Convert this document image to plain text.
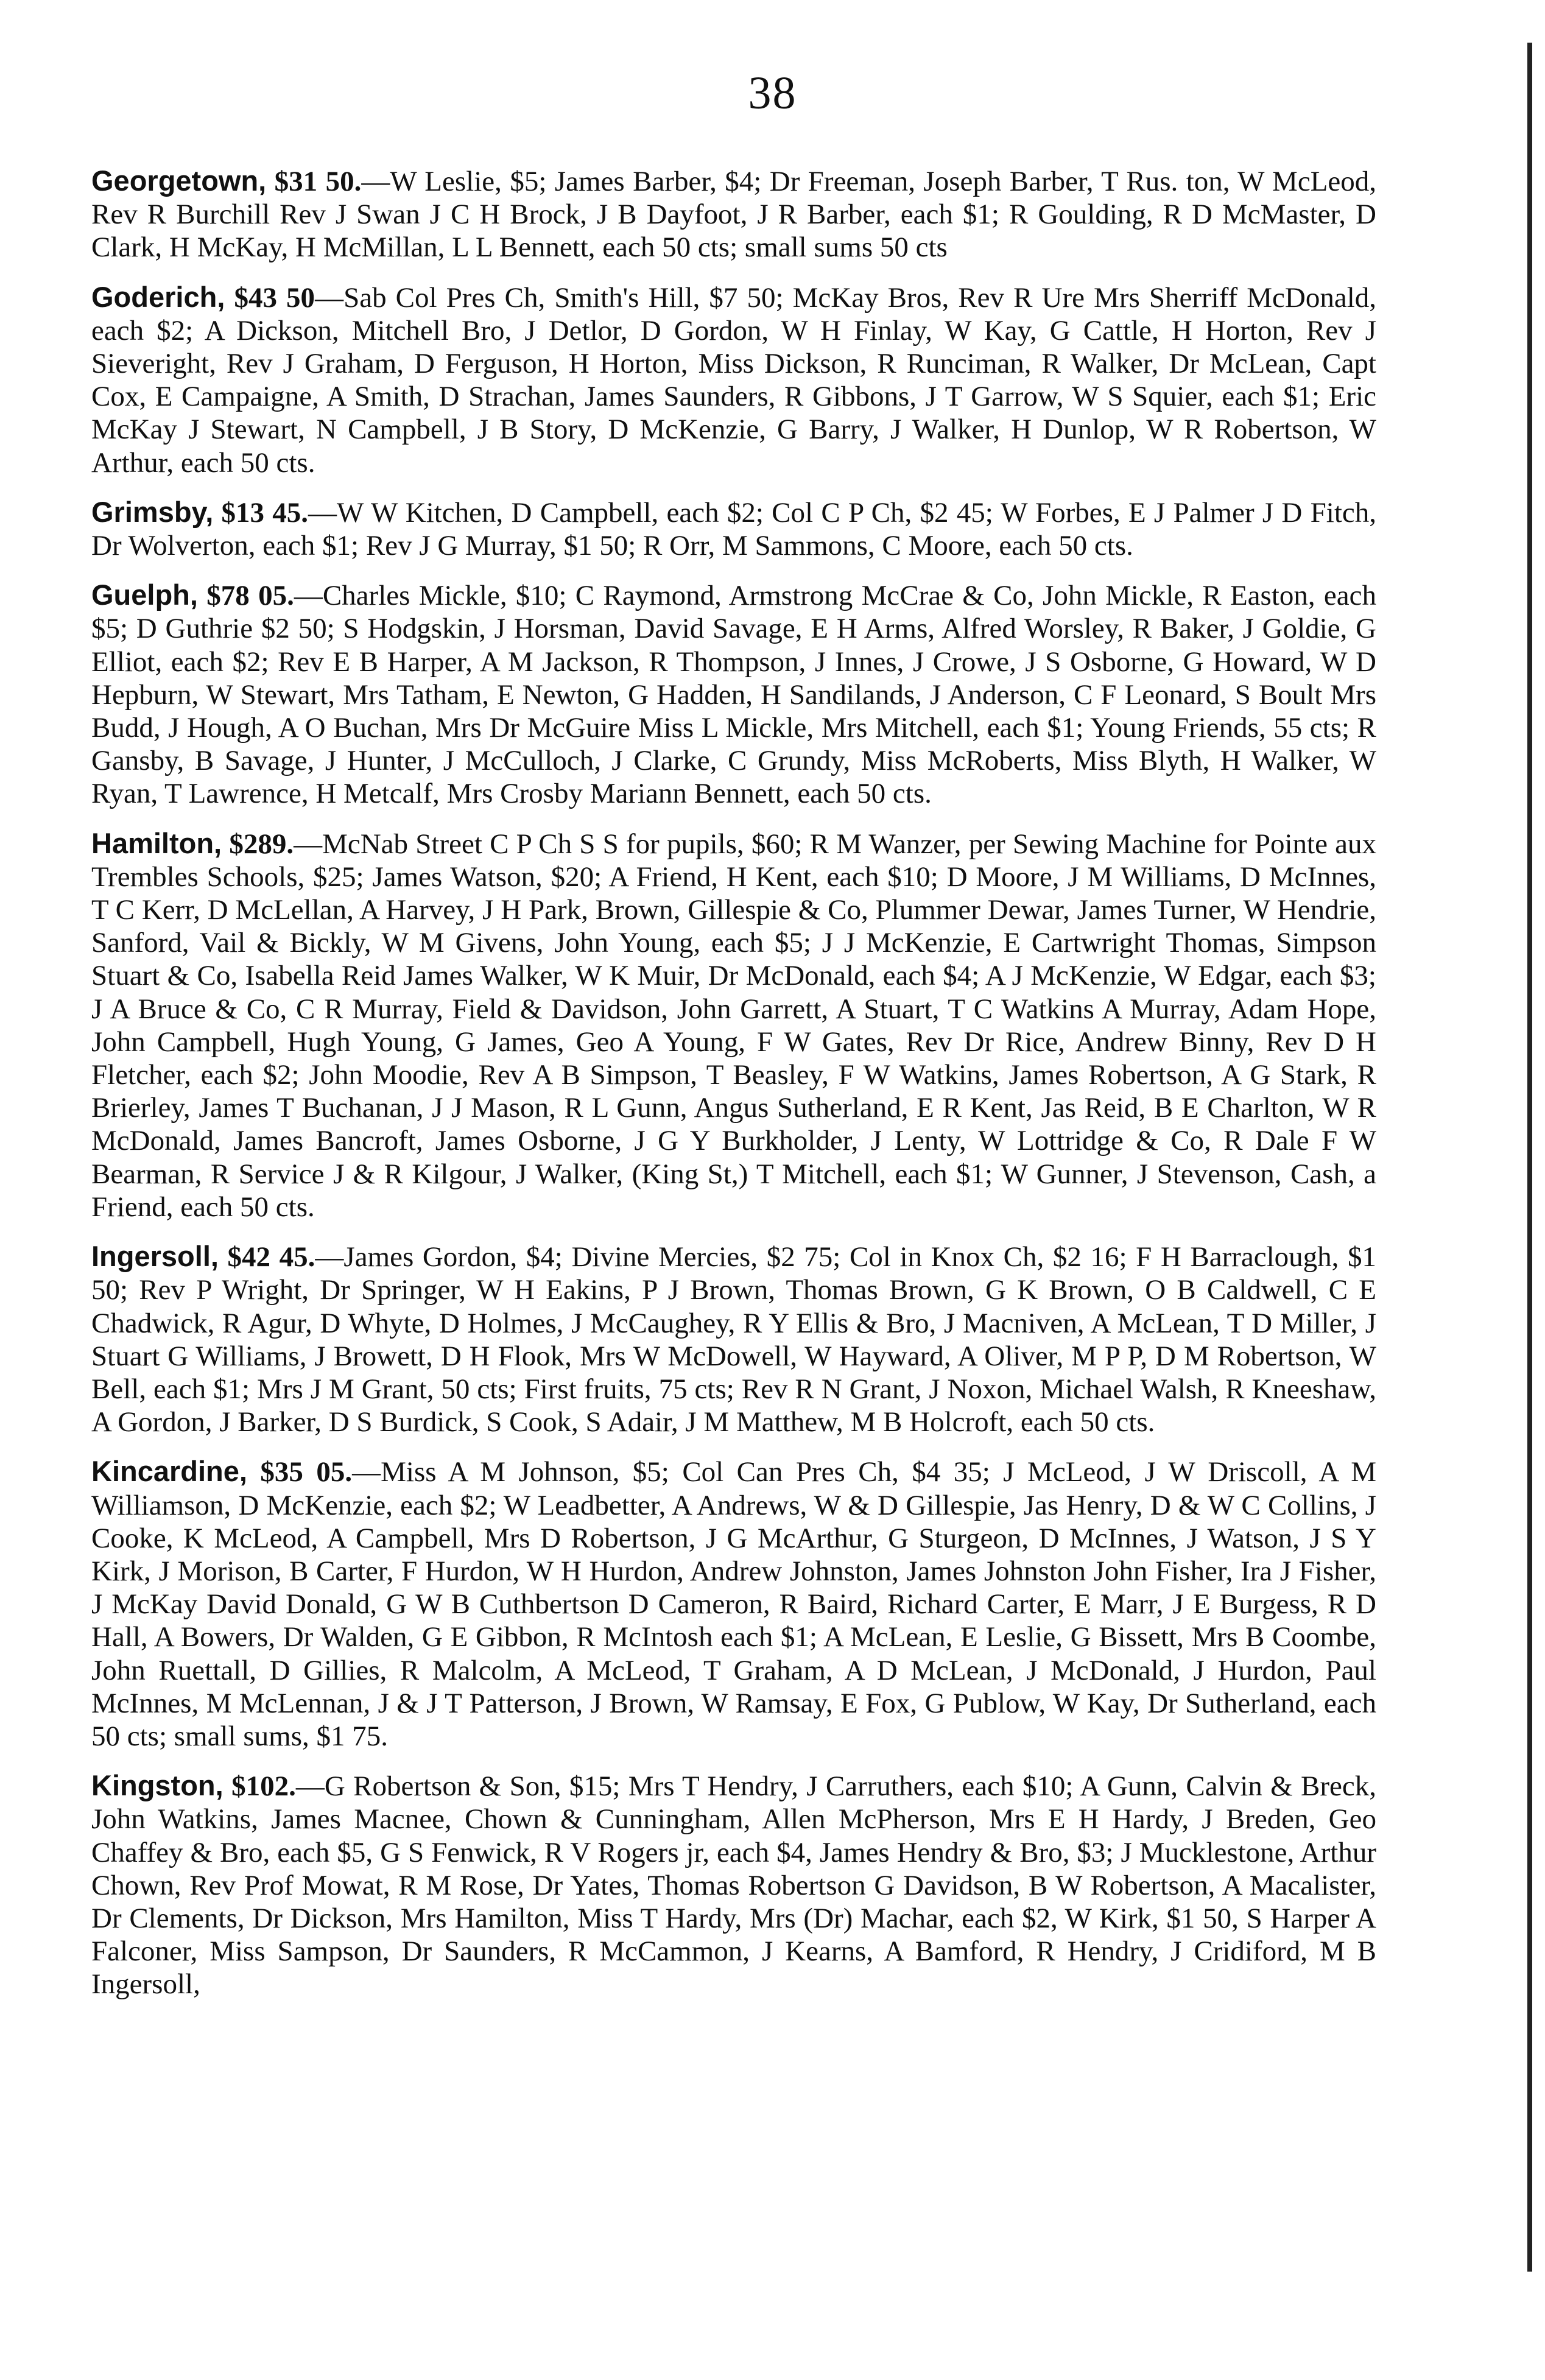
38

Georgetown, $31 50.—W Leslie, $5; James Barber, $4; Dr Freeman, Joseph Barber, T Rus. ton, W McLeod, Rev R Burchill Rev J Swan J C H Brock, J B Dayfoot, J R Barber, each $1; R Goulding, R D McMaster, D Clark, H McKay, H McMillan, L L Bennett, each 50 cts; small sums 50 cts

Goderich, $43 50—Sab Col Pres Ch, Smith's Hill, $7 50; McKay Bros, Rev R Ure Mrs Sherriff McDonald, each $2; A Dickson, Mitchell Bro, J Detlor, D Gordon, W H Finlay, W Kay, G Cattle, H Horton, Rev J Sieveright, Rev J Graham, D Ferguson, H Horton, Miss Dickson, R Runciman, R Walker, Dr McLean, Capt Cox, E Campaigne, A Smith, D Strachan, James Saunders, R Gibbons, J T Garrow, W S Squier, each $1; Eric McKay J Stewart, N Campbell, J B Story, D McKenzie, G Barry, J Walker, H Dunlop, W R Robertson, W Arthur, each 50 cts.

Grimsby, $13 45.—W W Kitchen, D Campbell, each $2; Col C P Ch, $2 45; W Forbes, E J Palmer J D Fitch, Dr Wolverton, each $1; Rev J G Murray, $1 50; R Orr, M Sammons, C Moore, each 50 cts.

Guelph, $78 05.—Charles Mickle, $10; C Raymond, Armstrong McCrae & Co, John Mickle, R Easton, each $5; D Guthrie $2 50; S Hodgskin, J Horsman, David Savage, E H Arms, Alfred Worsley, R Baker, J Goldie, G Elliot, each $2; Rev E B Harper, A M Jackson, R Thompson, J Innes, J Crowe, J S Osborne, G Howard, W D Hepburn, W Stewart, Mrs Tatham, E Newton, G Hadden, H Sandilands, J Anderson, C F Leonard, S Boult Mrs Budd, J Hough, A O Buchan, Mrs Dr McGuire Miss L Mickle, Mrs Mitchell, each $1; Young Friends, 55 cts; R Gansby, B Savage, J Hunter, J McCulloch, J Clarke, C Grundy, Miss McRoberts, Miss Blyth, H Walker, W Ryan, T Lawrence, H Metcalf, Mrs Crosby Mariann Bennett, each 50 cts.

Hamilton, $289.—McNab Street C P Ch S S for pupils, $60; R M Wanzer, per Sewing Machine for Pointe aux Trembles Schools, $25; James Watson, $20; A Friend, H Kent, each $10; D Moore, J M Williams, D McInnes, T C Kerr, D McLellan, A Harvey, J H Park, Brown, Gillespie & Co, Plummer Dewar, James Turner, W Hendrie, Sanford, Vail & Bickly, W M Givens, John Young, each $5; J J McKenzie, E Cartwright Thomas, Simpson Stuart & Co, Isabella Reid James Walker, W K Muir, Dr McDonald, each $4; A J McKenzie, W Edgar, each $3; J A Bruce & Co, C R Murray, Field & Davidson, John Garrett, A Stuart, T C Watkins A Murray, Adam Hope, John Campbell, Hugh Young, G James, Geo A Young, F W Gates, Rev Dr Rice, Andrew Binny, Rev D H Fletcher, each $2; John Moodie, Rev A B Simpson, T Beasley, F W Watkins, James Robertson, A G Stark, R Brierley, James T Buchanan, J J Mason, R L Gunn, Angus Sutherland, E R Kent, Jas Reid, B E Charlton, W R McDonald, James Bancroft, James Osborne, J G Y Burkholder, J Lenty, W Lottridge & Co, R Dale F W Bearman, R Service J & R Kilgour, J Walker, (King St,) T Mitchell, each $1; W Gunner, J Stevenson, Cash, a Friend, each 50 cts.

Ingersoll, $42 45.—James Gordon, $4; Divine Mercies, $2 75; Col in Knox Ch, $2 16; F H Barraclough, $1 50; Rev P Wright, Dr Springer, W H Eakins, P J Brown, Thomas Brown, G K Brown, O B Caldwell, C E Chadwick, R Agur, D Whyte, D Holmes, J McCaughey, R Y Ellis & Bro, J Macniven, A McLean, T D Miller, J Stuart G Williams, J Browett, D H Flook, Mrs W McDowell, W Hayward, A Oliver, M P P, D M Robertson, W Bell, each $1; Mrs J M Grant, 50 cts; First fruits, 75 cts; Rev R N Grant, J Noxon, Michael Walsh, R Kneeshaw, A Gordon, J Barker, D S Burdick, S Cook, S Adair, J M Matthew, M B Holcroft, each 50 cts.

Kincardine, $35 05.—Miss A M Johnson, $5; Col Can Pres Ch, $4 35; J McLeod, J W Driscoll, A M Williamson, D McKenzie, each $2; W Leadbetter, A Andrews, W & D Gillespie, Jas Henry, D & W C Collins, J Cooke, K McLeod, A Campbell, Mrs D Robertson, J G McArthur, G Sturgeon, D McInnes, J Watson, J S Y Kirk, J Morison, B Carter, F Hurdon, W H Hurdon, Andrew Johnston, James Johnston John Fisher, Ira J Fisher, J McKay David Donald, G W B Cuthbertson D Cameron, R Baird, Richard Carter, E Marr, J E Burgess, R D Hall, A Bowers, Dr Walden, G E Gibbon, R McIntosh each $1; A McLean, E Leslie, G Bissett, Mrs B Coombe, John Ruettall, D Gillies, R Malcolm, A McLeod, T Graham, A D McLean, J McDonald, J Hurdon, Paul McInnes, M McLennan, J & J T Patterson, J Brown, W Ramsay, E Fox, G Publow, W Kay, Dr Sutherland, each 50 cts; small sums, $1 75.

Kingston, $102.—G Robertson & Son, $15; Mrs T Hendry, J Carruthers, each $10; A Gunn, Calvin & Breck, John Watkins, James Macnee, Chown & Cunningham, Allen McPherson, Mrs E H Hardy, J Breden, Geo Chaffey & Bro, each $5, G S Fenwick, R V Rogers jr, each $4, James Hendry & Bro, $3; J Mucklestone, Arthur Chown, Rev Prof Mowat, R M Rose, Dr Yates, Thomas Robertson G Davidson, B W Robertson, A Macalister, Dr Clements, Dr Dickson, Mrs Hamilton, Miss T Hardy, Mrs (Dr) Machar, each $2, W Kirk, $1 50, S Harper A Falconer, Miss Sampson, Dr Saunders, R McCammon, J Kearns, A Bamford, R Hendry, J Cridiford, M B Ingersoll,
